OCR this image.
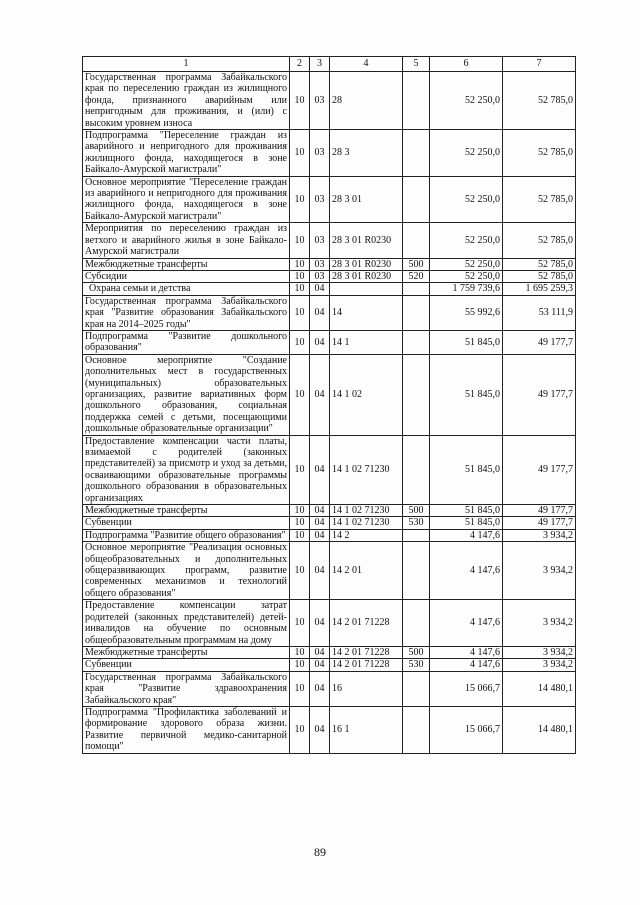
1	2	3	4	5	6	7
Государственная программа Забайкальского края по переселению граждан из жилищного фонда, признанного аварийным или непригодным для проживания, и (или) с высоким уровнем износа	10	03	28		52 250,0	52 785,0
Подпрограмма "Переселение граждан из аварийного и непригодного для проживания жилищного фонда, находящегося в зоне Байкало-Амурской магистрали"	10	03	28 3		52 250,0	52 785,0
Основное мероприятие "Переселение граждан из аварийного и непригодного для проживания жилищного фонда, находящегося в зоне Байкало-Амурской магистрали"	10	03	28 3 01		52 250,0	52 785,0
Мероприятия по переселению граждан из ветхого и аварийного жилья в зоне Байкало-Амурской магистрали	10	03	28 3 01 R0230		52 250,0	52 785,0
Межбюджетные трансферты	10	03	28 3 01 R0230	500	52 250,0	52 785,0
Субсидии	10	03	28 3 01 R0230	520	52 250,0	52 785,0
Охрана семьи и детства	10	04			1 759 739,6	1 695 259,3
Государственная программа Забайкальского края "Развитие образования Забайкальского края на 2014–2025 годы"	10	04	14		55 992,6	53 111,9
Подпрограмма "Развитие дошкольного образования"	10	04	14 1		51 845,0	49 177,7
Основное мероприятие "Создание дополнительных мест в государственных (муниципальных) образовательных организациях, развитие вариативных форм дошкольного образования, социальная поддержка семей с детьми, посещающими дошкольные образовательные организации"	10	04	14 1 02		51 845,0	49 177,7
Предоставление компенсации части платы, взимаемой с родителей (законных представителей) за присмотр и уход за детьми, осваивающими образовательные программы дошкольного образования в образовательных организациях	10	04	14 1 02 71230		51 845,0	49 177,7
Межбюджетные трансферты	10	04	14 1 02 71230	500	51 845,0	49 177,7
Субвенции	10	04	14 1 02 71230	530	51 845,0	49 177,7
Подпрограмма "Развитие общего образования"	10	04	14 2		4 147,6	3 934,2
Основное мероприятие "Реализация основных общеобразовательных и дополнительных общеразвивающих программ, развитие современных механизмов и технологий общего образования"	10	04	14 2 01		4 147,6	3 934,2
Предоставление компенсации затрат родителей (законных представителей) детей-инвалидов на обучение по основным общеобразовательным программам на дому	10	04	14 2 01 71228		4 147,6	3 934,2
Межбюджетные трансферты	10	04	14 2 01 71228	500	4 147,6	3 934,2
Субвенции	10	04	14 2 01 71228	530	4 147,6	3 934,2
Государственная программа Забайкальского края "Развитие здравоохранения Забайкальского края"	10	04	16		15 066,7	14 480,1
Подпрограмма "Профилактика заболеваний и формирование здорового образа жизни. Развитие первичной медико-санитарной помощи"	10	04	16 1		15 066,7	14 480,1
89
